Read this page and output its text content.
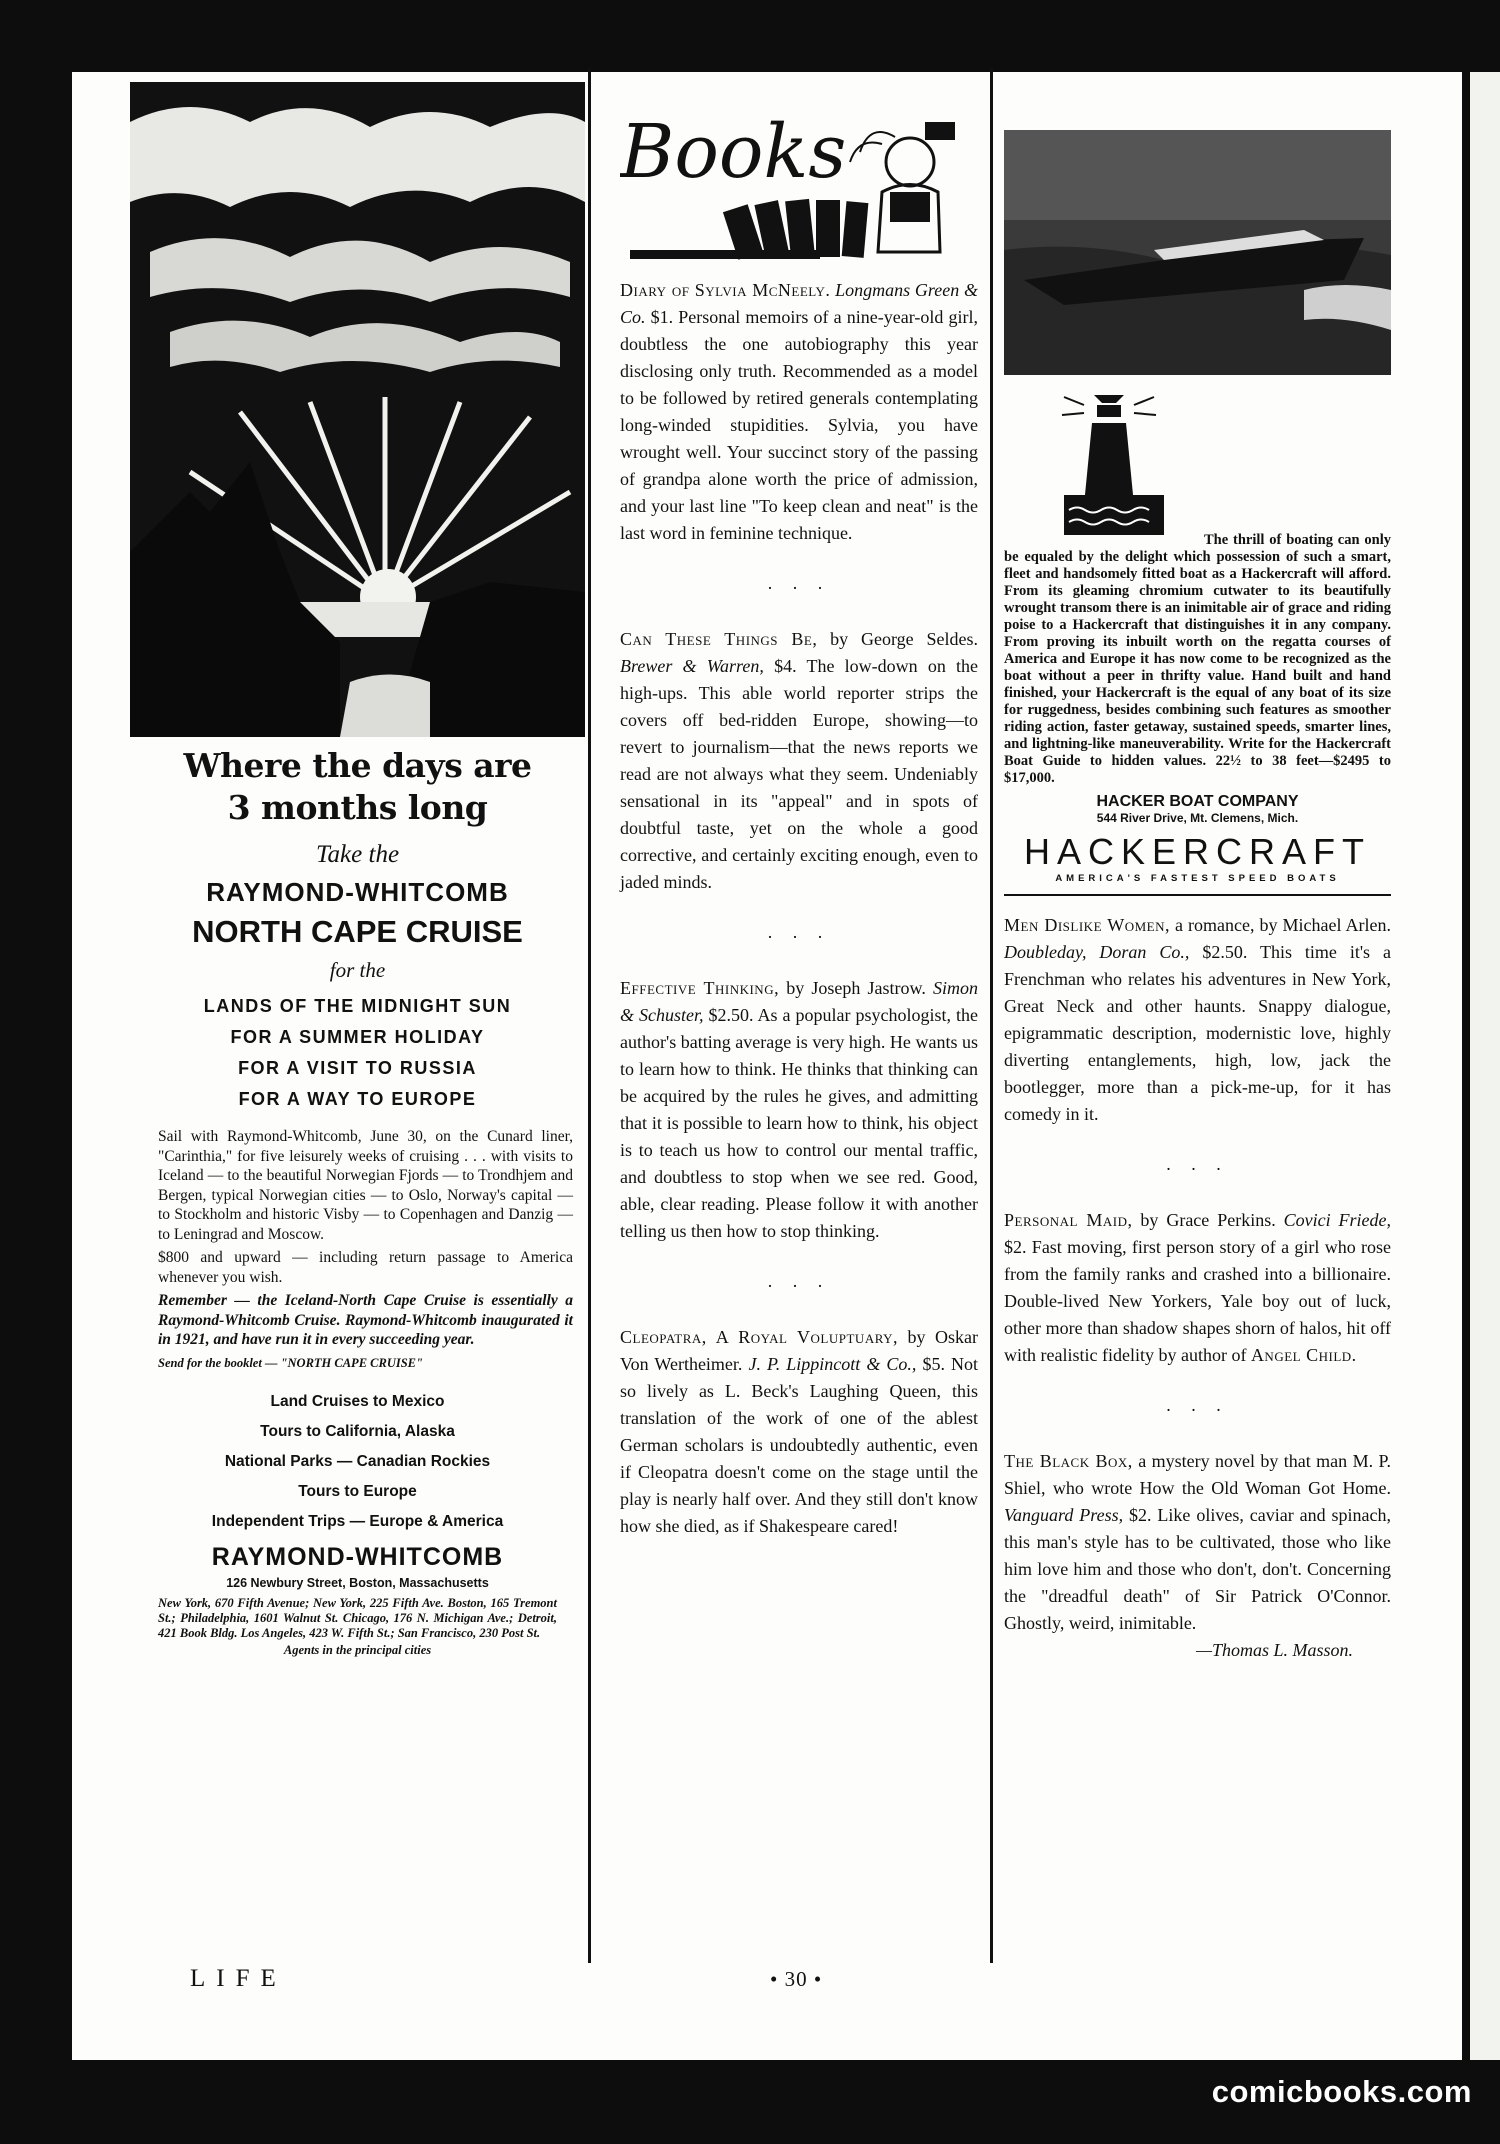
Where the days are
3 months long
Take the
RAYMOND-WHITCOMB
NORTH CAPE CRUISE
for the
LANDS OF THE MIDNIGHT SUN
FOR A SUMMER HOLIDAY
FOR A VISIT TO RUSSIA
FOR A WAY TO EUROPE

Sail with Raymond-Whitcomb, June 30, on the Cunard liner, "Carinthia," for five leisurely weeks of cruising . . . with visits to Iceland — to the beautiful Norwegian Fjords — to Trondhjem and Bergen, typical Norwegian cities — to Oslo, Norway's capital — to Stockholm and historic Visby — to Copenhagen and Danzig — to Leningrad and Moscow.

$800 and upward — including return passage to America whenever you wish.

Remember — the Iceland-North Cape Cruise is essentially a Raymond-Whitcomb Cruise. Raymond-Whitcomb inaugurated it in 1921, and have run it in every succeeding year.

Send for the booklet — "NORTH CAPE CRUISE"

Land Cruises to Mexico
Tours to California, Alaska
National Parks — Canadian Rockies
Tours to Europe
Independent Trips — Europe & America
RAYMOND-WHITCOMB
126 Newbury Street, Boston, Massachusetts
New York, 670 Fifth Avenue; New York, 225 Fifth Ave. Boston, 165 Tremont St.; Philadelphia, 1601 Walnut St. Chicago, 176 N. Michigan Ave.; Detroit, 421 Book Bldg. Los Angeles, 423 W. Fifth St.; San Francisco, 230 Post St.
Agents in the principal cities
Books

Diary of Sylvia McNeely. Longmans Green & Co. $1. Personal memoirs of a nine-year-old girl, doubtless the one autobiography this year disclosing only truth. Recommended as a model to be followed by retired generals contemplating long-winded stupidities. Sylvia, you have wrought well. Your succinct story of the passing of grandpa alone worth the price of admission, and your last line "To keep clean and neat" is the last word in feminine technique.

. . .

Can These Things Be, by George Seldes. Brewer & Warren, $4. The low-down on the high-ups. This able world reporter strips the covers off bed-ridden Europe, showing—to revert to journalism—that the news reports we read are not always what they seem. Undeniably sensational in its "appeal" and in spots of doubtful taste, yet on the whole a good corrective, and certainly exciting enough, even to jaded minds.

. . .

Effective Thinking, by Joseph Jastrow. Simon & Schuster, $2.50. As a popular psychologist, the author's batting average is very high. He wants us to learn how to think. He thinks that thinking can be acquired by the rules he gives, and admitting that it is possible to learn how to think, his object is to teach us how to control our mental traffic, and doubtless to stop when we see red. Good, able, clear reading. Please follow it with another telling us then how to stop thinking.

. . .

Cleopatra, A Royal Voluptuary, by Oskar Von Wertheimer. J. P. Lippincott & Co., $5. Not so lively as L. Beck's Laughing Queen, this translation of the work of one of the ablest German scholars is undoubtedly authentic, even if Cleopatra doesn't come on the stage until the play is nearly half over. And they still don't know how she died, as if Shakespeare cared!

The thrill of boating can only be equaled by the delight which possession of such a smart, fleet and handsomely fitted boat as a Hackercraft will afford. From its gleaming chromium cutwater to its beautifully wrought transom there is an inimitable air of grace and riding poise to a Hackercraft that distinguishes it in any company. From proving its inbuilt worth on the regatta courses of America and Europe it has now come to be recognized as the boat without a peer in thrifty value. Hand built and hand finished, your Hackercraft is the equal of any boat of its size for ruggedness, besides combining such features as smoother riding action, faster getaway, sustained speeds, smarter lines, and lightning-like maneuverability. Write for the Hackercraft Boat Guide to hidden values. 22½ to 38 feet—$2495 to $17,000.

HACKER BOAT COMPANY
544 River Drive, Mt. Clemens, Mich.
HACKERCRAFT
AMERICA'S FASTEST SPEED BOATS

Men Dislike Women, a romance, by Michael Arlen. Doubleday, Doran Co., $2.50. This time it's a Frenchman who relates his adventures in New York, Great Neck and other haunts. Snappy dialogue, epigrammatic description, modernistic love, highly diverting entanglements, high, low, jack the bootlegger, more than a pick-me-up, for it has comedy in it.

. . .

Personal Maid, by Grace Perkins. Covici Friede, $2. Fast moving, first person story of a girl who rose from the family ranks and crashed into a billionaire. Double-lived New Yorkers, Yale boy out of luck, other more than shadow shapes shorn of halos, hit off with realistic fidelity by author of Angel Child.

. . .

The Black Box, a mystery novel by that man M. P. Shiel, who wrote How the Old Woman Got Home. Vanguard Press, $2. Like olives, caviar and spinach, this man's style has to be cultivated, those who like him love him and those who don't, don't. Concerning the "dreadful death" of Sir Patrick O'Connor. Ghostly, weird, inimitable.

—Thomas L. Masson.

LIFE	• 30 •
comicbooks.com
